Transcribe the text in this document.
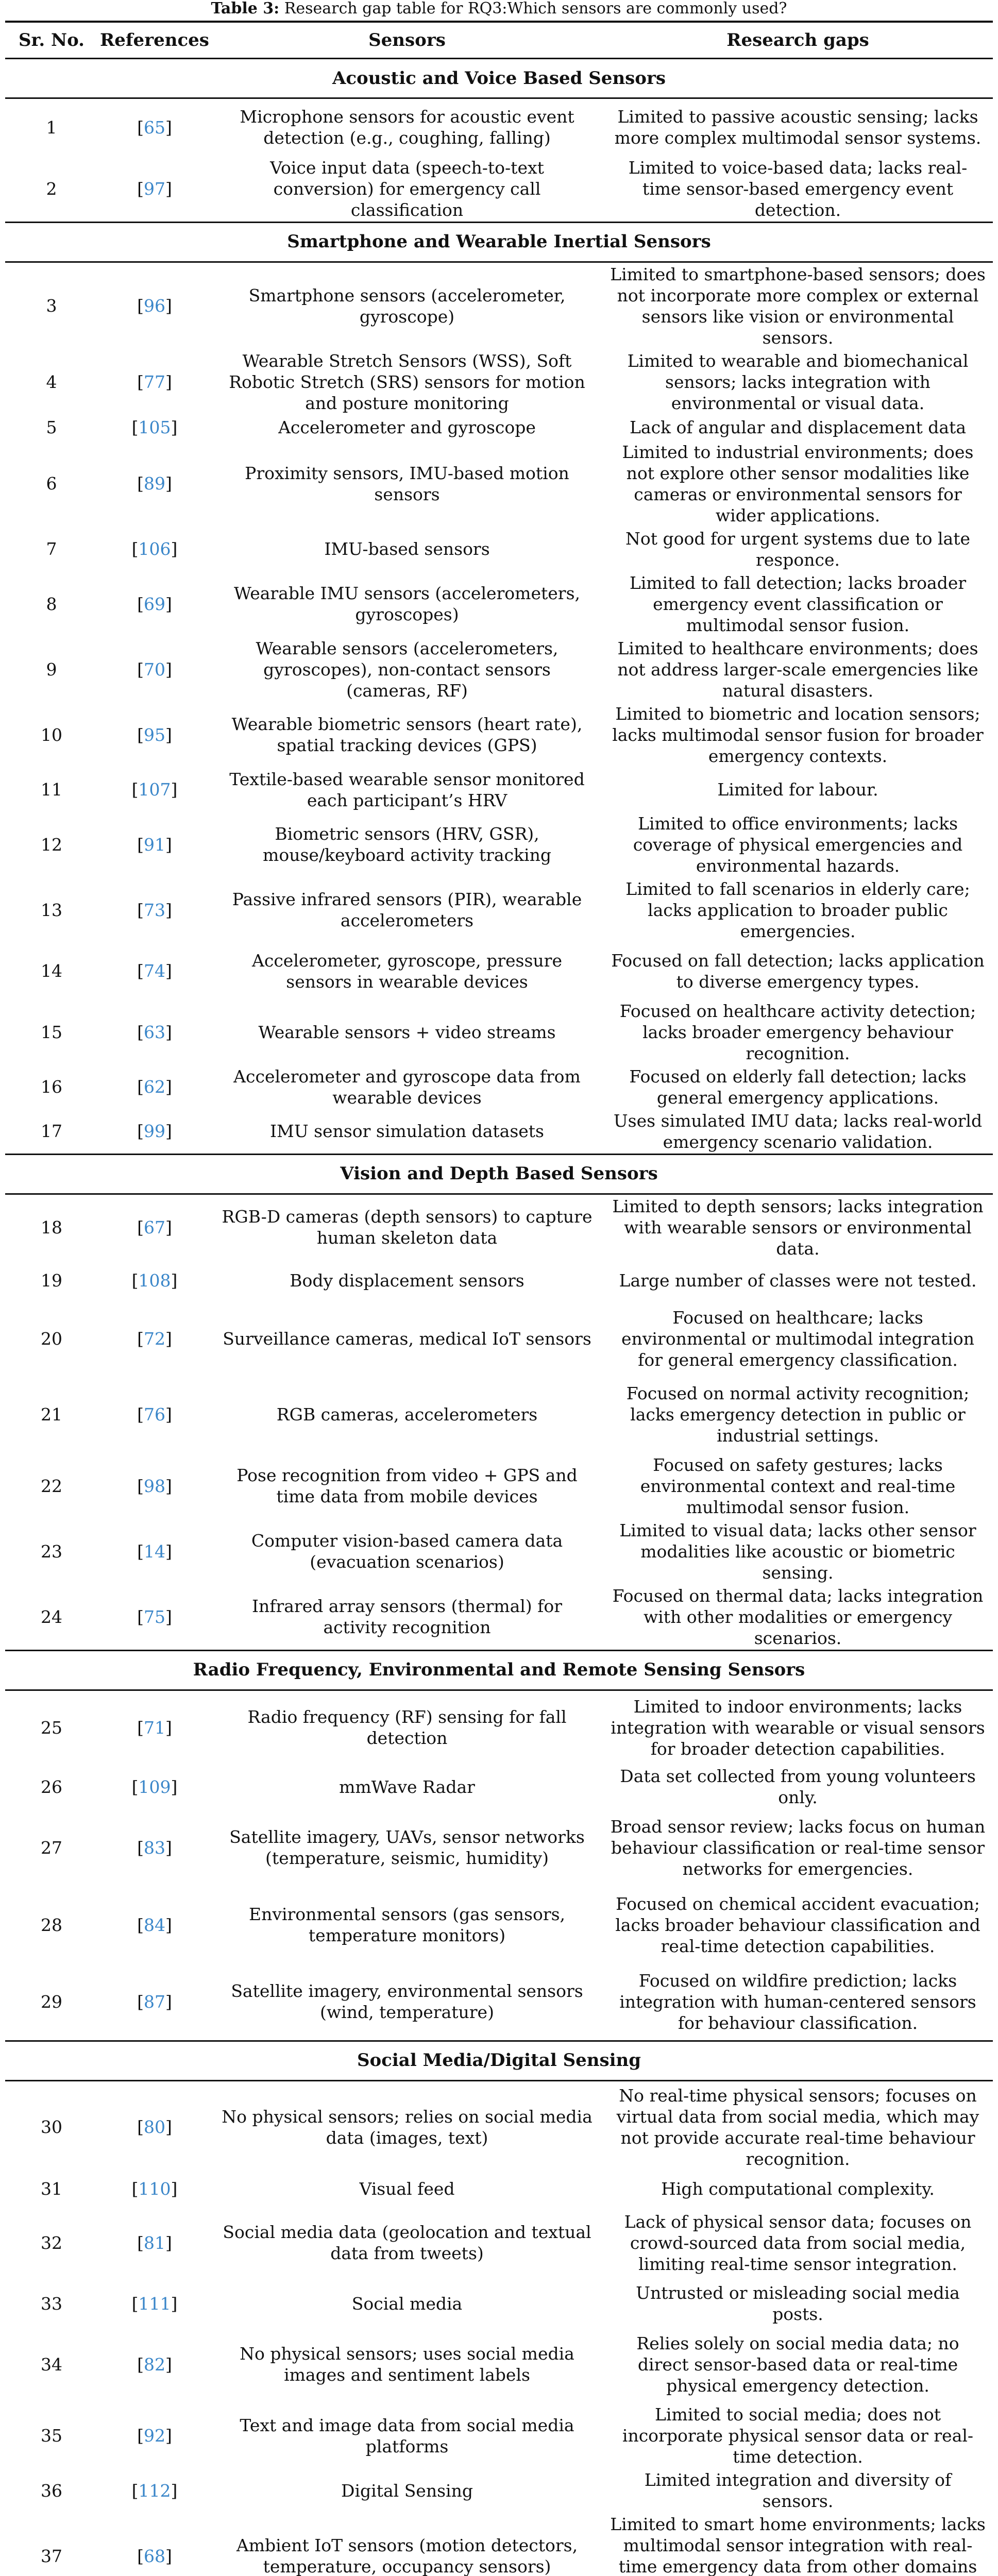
Table 3: Research gap table for RQ3:Which sensors are commonly used?
Sr. No.	References	Sensors	Research gaps
Acoustic and Voice Based Sensors			
1	[65]	Microphone sensors for acoustic event detection (e.g., coughing, falling)	Limited to passive acoustic sensing; lacks more complex multimodal sensor systems.
2	[97]	Voice input data (speech-to-text conversion) for emergency call classification	Limited to voice-based data; lacks real-time sensor-based emergency event detection.
Smartphone and Wearable Inertial Sensors			
3	[96]	Smartphone sensors (accelerometer, gyroscope)	Limited to smartphone-based sensors; does not incorporate more complex or external sensors like vision or environmental sensors.
4	[77]	Wearable Stretch Sensors (WSS), Soft Robotic Stretch (SRS) sensors for motion and posture monitoring	Limited to wearable and biomechanical sensors; lacks integration with environmental or visual data.
5	[105]	Accelerometer and gyroscope	Lack of angular and displacement data
6	[89]	Proximity sensors, IMU-based motion sensors	Limited to industrial environments; does not explore other sensor modalities like cameras or environmental sensors for wider applications.
7	[106]	IMU-based sensors	Not good for urgent systems due to late responce.
8	[69]	Wearable IMU sensors (accelerometers, gyroscopes)	Limited to fall detection; lacks broader emergency event classification or multimodal sensor fusion.
9	[70]	Wearable sensors (accelerometers, gyroscopes), non-contact sensors (cameras, RF)	Limited to healthcare environments; does not address larger-scale emergencies like natural disasters.
10	[95]	Wearable biometric sensors (heart rate), spatial tracking devices (GPS)	Limited to biometric and location sensors; lacks multimodal sensor fusion for broader emergency contexts.
11	[107]	Textile-based wearable sensor monitored each participant’s HRV	Limited for labour.
12	[91]	Biometric sensors (HRV, GSR), mouse/keyboard activity tracking	Limited to office environments; lacks coverage of physical emergencies and environmental hazards.
13	[73]	Passive infrared sensors (PIR), wearable accelerometers	Limited to fall scenarios in elderly care; lacks application to broader public emergencies.
14	[74]	Accelerometer, gyroscope, pressure sensors in wearable devices	Focused on fall detection; lacks application to diverse emergency types.
15	[63]	Wearable sensors + video streams	Focused on healthcare activity detection; lacks broader emergency behaviour recognition.
16	[62]	Accelerometer and gyroscope data from wearable devices	Focused on elderly fall detection; lacks general emergency applications.
17	[99]	IMU sensor simulation datasets	Uses simulated IMU data; lacks real-world emergency scenario validation.
Vision and Depth Based Sensors			
18	[67]	RGB-D cameras (depth sensors) to capture human skeleton data	Limited to depth sensors; lacks integration with wearable sensors or environmental data.
19	[108]	Body displacement sensors	Large number of classes were not tested.
20	[72]	Surveillance cameras, medical IoT sensors	Focused on healthcare; lacks environmental or multimodal integration for general emergency classification.
21	[76]	RGB cameras, accelerometers	Focused on normal activity recognition; lacks emergency detection in public or industrial settings.
22	[98]	Pose recognition from video + GPS and time data from mobile devices	Focused on safety gestures; lacks environmental context and real-time multimodal sensor fusion.
23	[14]	Computer vision-based camera data (evacuation scenarios)	Limited to visual data; lacks other sensor modalities like acoustic or biometric sensing.
24	[75]	Infrared array sensors (thermal) for activity recognition	Focused on thermal data; lacks integration with other modalities or emergency scenarios.
Radio Frequency, Environmental and Remote Sensing Sensors			
25	[71]	Radio frequency (RF) sensing for fall detection	Limited to indoor environments; lacks integration with wearable or visual sensors for broader detection capabilities.
26	[109]	mmWave Radar	Data set collected from young volunteers only.
27	[83]	Satellite imagery, UAVs, sensor networks (temperature, seismic, humidity)	Broad sensor review; lacks focus on human behaviour classification or real-time sensor networks for emergencies.
28	[84]	Environmental sensors (gas sensors, temperature monitors)	Focused on chemical accident evacuation; lacks broader behaviour classification and real-time detection capabilities.
29	[87]	Satellite imagery, environmental sensors (wind, temperature)	Focused on wildfire prediction; lacks integration with human-centered sensors for behaviour classification.
Social Media/Digital Sensing			
30	[80]	No physical sensors; relies on social media data (images, text)	No real-time physical sensors; focuses on virtual data from social media, which may not provide accurate real-time behaviour recognition.
31	[110]	Visual feed	High computational complexity.
32	[81]	Social media data (geolocation and textual data from tweets)	Lack of physical sensor data; focuses on crowd-sourced data from social media, limiting real-time sensor integration.
33	[111]	Social media	Untrusted or misleading social media posts.
34	[82]	No physical sensors; uses social media images and sentiment labels	Relies solely on social media data; no direct sensor-based data or real-time physical emergency detection.
35	[92]	Text and image data from social media platforms	Limited to social media; does not incorporate physical sensor data or real-time detection.
36	[112]	Digital Sensing	Limited integration and diversity of sensors.
37	[68]	Ambient IoT sensors (motion detectors, temperature, occupancy sensors)	Limited to smart home environments; lacks multimodal sensor integration with real-time emergency data from other domains
